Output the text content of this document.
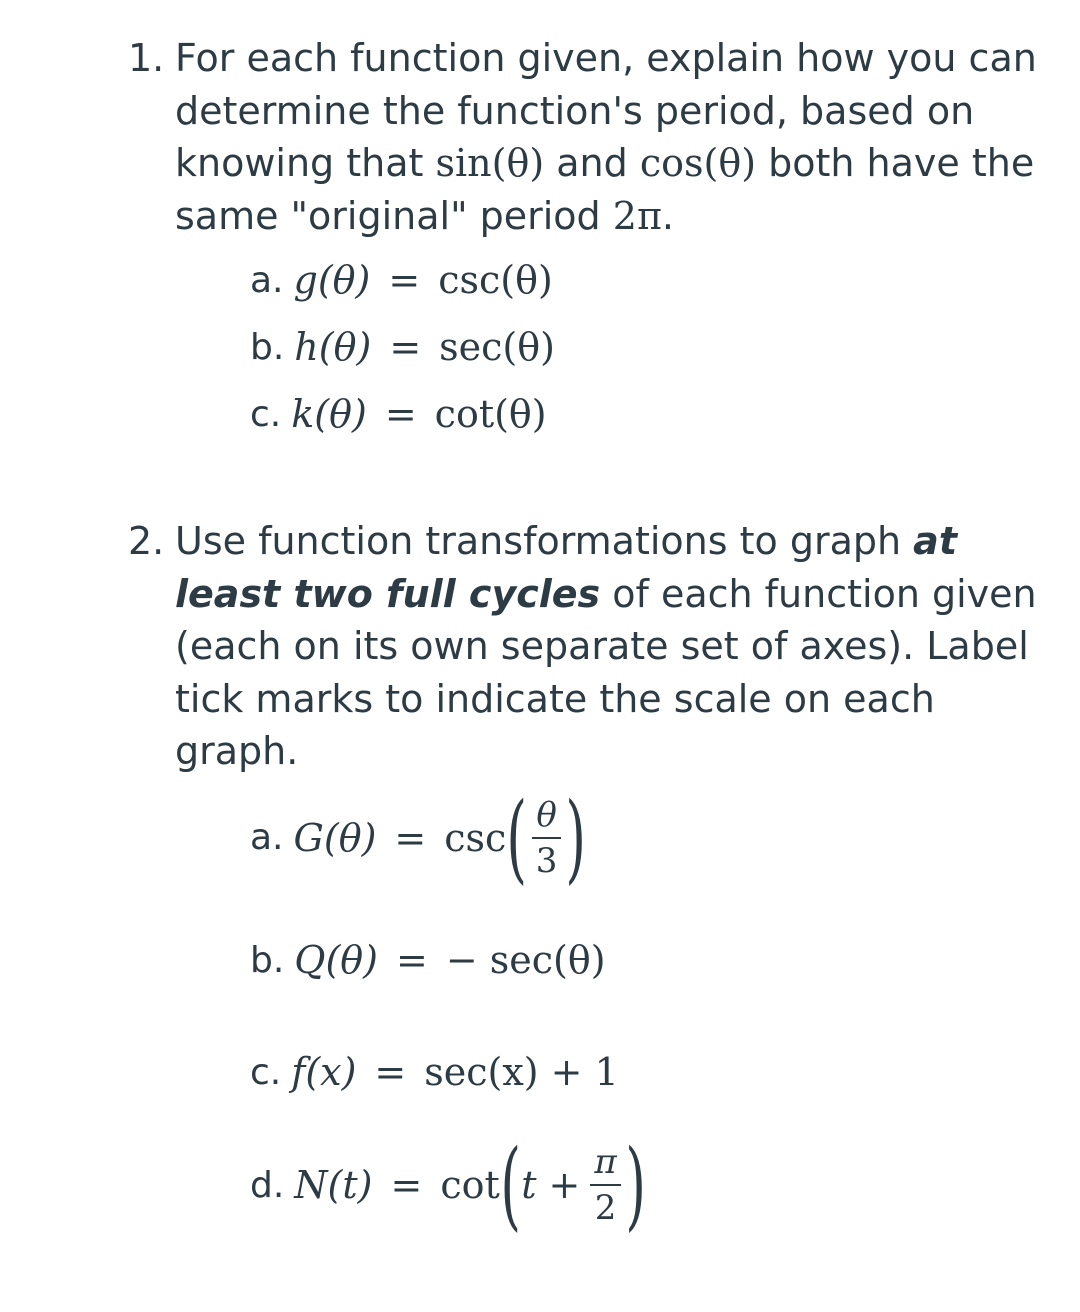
1. For each function given, explain how you can determine the function's period, based on knowing that sin(θ) and cos(θ) both have the same "original" period 2π.
a. g(θ) = csc(θ)
b. h(θ) = sec(θ)
c. k(θ) = cot(θ)
2. Use function transformations to graph at least two full cycles of each function given (each on its own separate set of axes). Label tick marks to indicate the scale on each graph.
a. G(θ) = csc ( $\frac{\theta}{3}$ )
b. Q(θ) = − sec(θ)
c. f(x) = sec(x) + 1
d. N(t) = cot ( $t + \frac{\pi}{2}$ )
